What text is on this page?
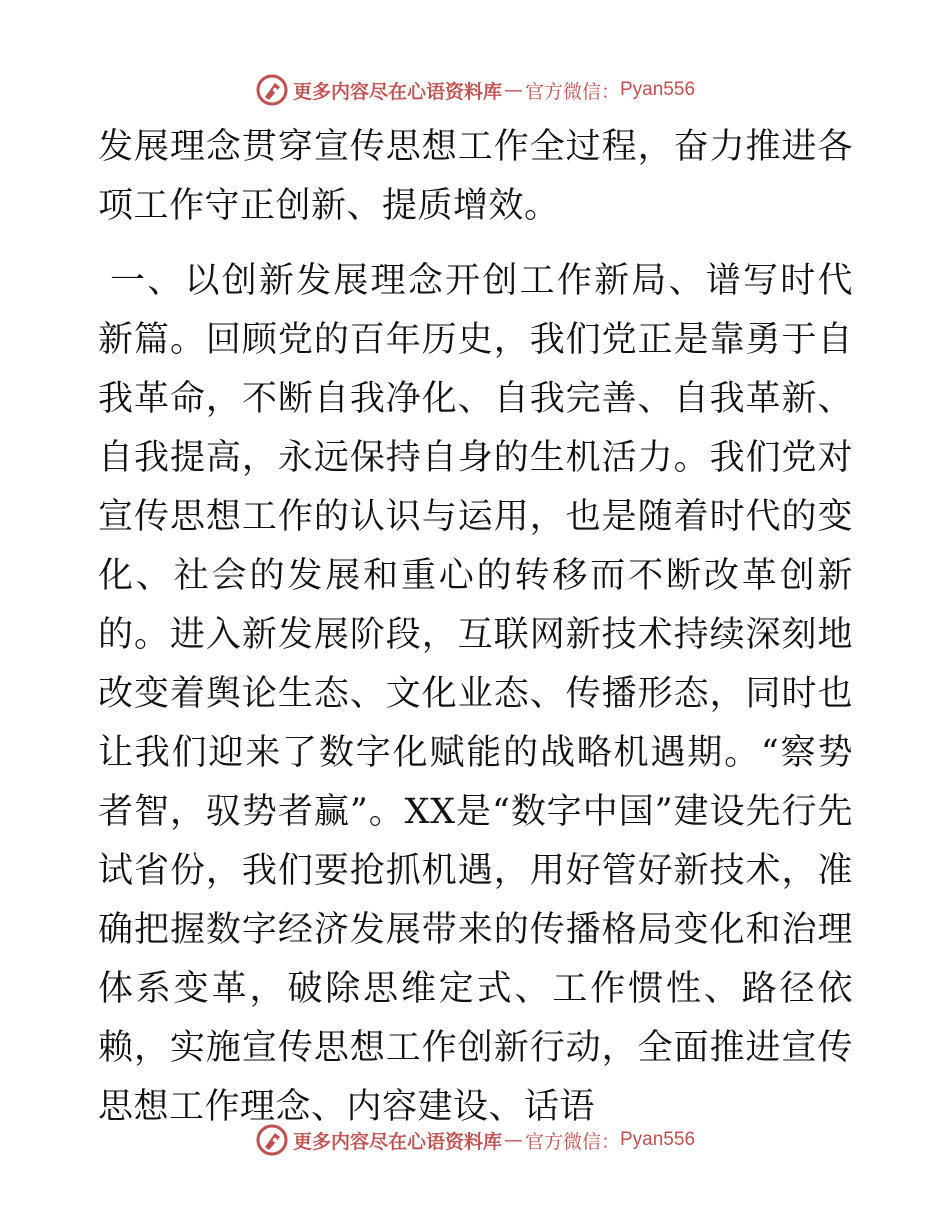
更多内容尽在心语资料库 — 官方微信： Pyan556

发展理念贯穿宣传思想工作全过程，奋力推进各项工作守正创新、提质增效。

一、以创新发展理念开创工作新局、谱写时代新篇。回顾党的百年历史，我们党正是靠勇于自我革命，不断自我净化、自我完善、自我革新、自我提高，永远保持自身的生机活力。我们党对宣传思想工作的认识与运用，也是随着时代的变化、社会的发展和重心的转移而不断改革创新的。进入新发展阶段，互联网新技术持续深刻地改变着舆论生态、文化业态、传播形态，同时也让我们迎来了数字化赋能的战略机遇期。“察势者智，驭势者赢”。XX是“数字中国”建设先行先试省份，我们要抢抓机遇，用好管好新技术，准确把握数字经济发展带来的传播格局变化和治理体系变革，破除思维定式、工作惯性、路径依赖，实施宣传思想工作创新行动，全面推进宣传思想工作理念、内容建设、话语

更多内容尽在心语资料库 — 官方微信： Pyan556
